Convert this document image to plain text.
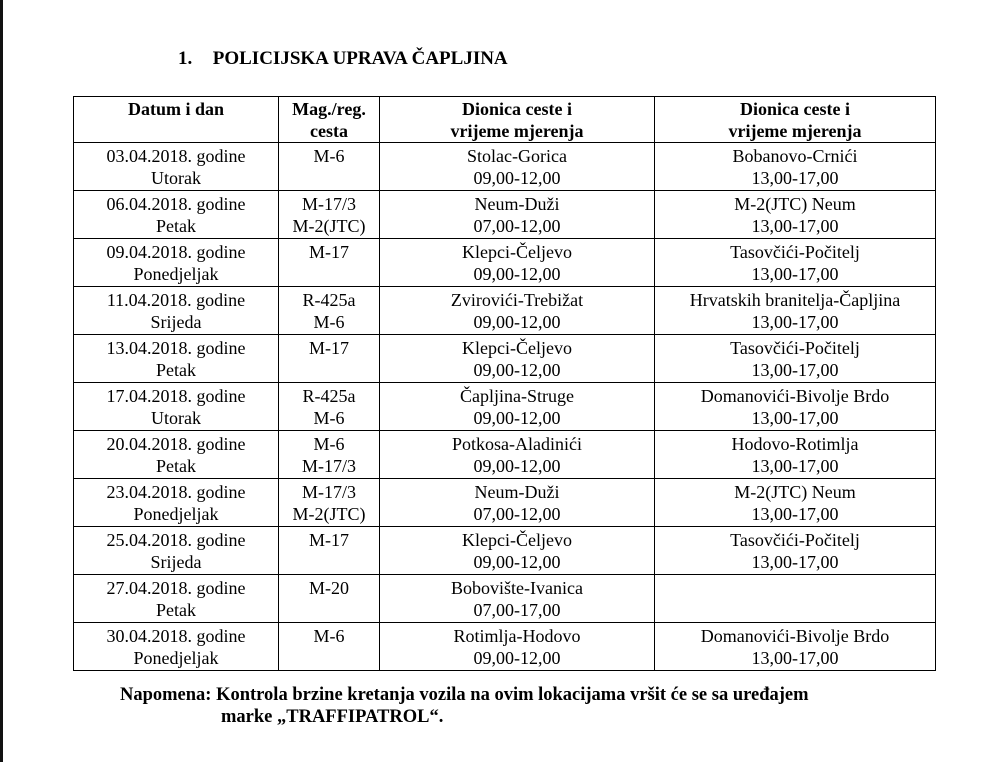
1. POLICIJSKA UPRAVA ČAPLJINA
Datum i dan	Mag./reg.
cesta	Dionica ceste i
vrijeme mjerenja	Dionica ceste i
vrijeme mjerenja

03.04.2018. godine
Utorak	M-6	Stolac-Gorica
09,00-12,00	Bobanovo-Crnići
13,00-17,00

06.04.2018. godine
Petak	M-17/3
M-2(JTC)	Neum-Duži
07,00-12,00	M-2(JTC) Neum
13,00-17,00

09.04.2018. godine
Ponedjeljak	M-17	Klepci-Čeljevo
09,00-12,00	Tasovčići-Počitelj
13,00-17,00

11.04.2018. godine
Srijeda	R-425a
M-6	Zvirovići-Trebižat
09,00-12,00	Hrvatskih branitelja-Čapljina
13,00-17,00

13.04.2018. godine
Petak	M-17	Klepci-Čeljevo
09,00-12,00	Tasovčići-Počitelj
13,00-17,00

17.04.2018. godine
Utorak	R-425a
M-6	Čapljina-Struge
09,00-12,00	Domanovići-Bivolje Brdo
13,00-17,00

20.04.2018. godine
Petak	M-6
M-17/3	Potkosa-Aladinići
09,00-12,00	Hodovo-Rotimlja
13,00-17,00

23.04.2018. godine
Ponedjeljak	M-17/3
M-2(JTC)	Neum-Duži
07,00-12,00	M-2(JTC) Neum
13,00-17,00

25.04.2018. godine
Srijeda	M-17	Klepci-Čeljevo
09,00-12,00	Tasovčići-Počitelj
13,00-17,00

27.04.2018. godine
Petak	M-20	Bobovište-Ivanica
07,00-17,00	

30.04.2018. godine
Ponedjeljak	M-6	Rotimlja-Hodovo
09,00-12,00	Domanovići-Bivolje Brdo
13,00-17,00
Napomena: Kontrola brzine kretanja vozila na ovim lokacijama vršit će se sa uređajem
marke „TRAFFIPATROL“.
